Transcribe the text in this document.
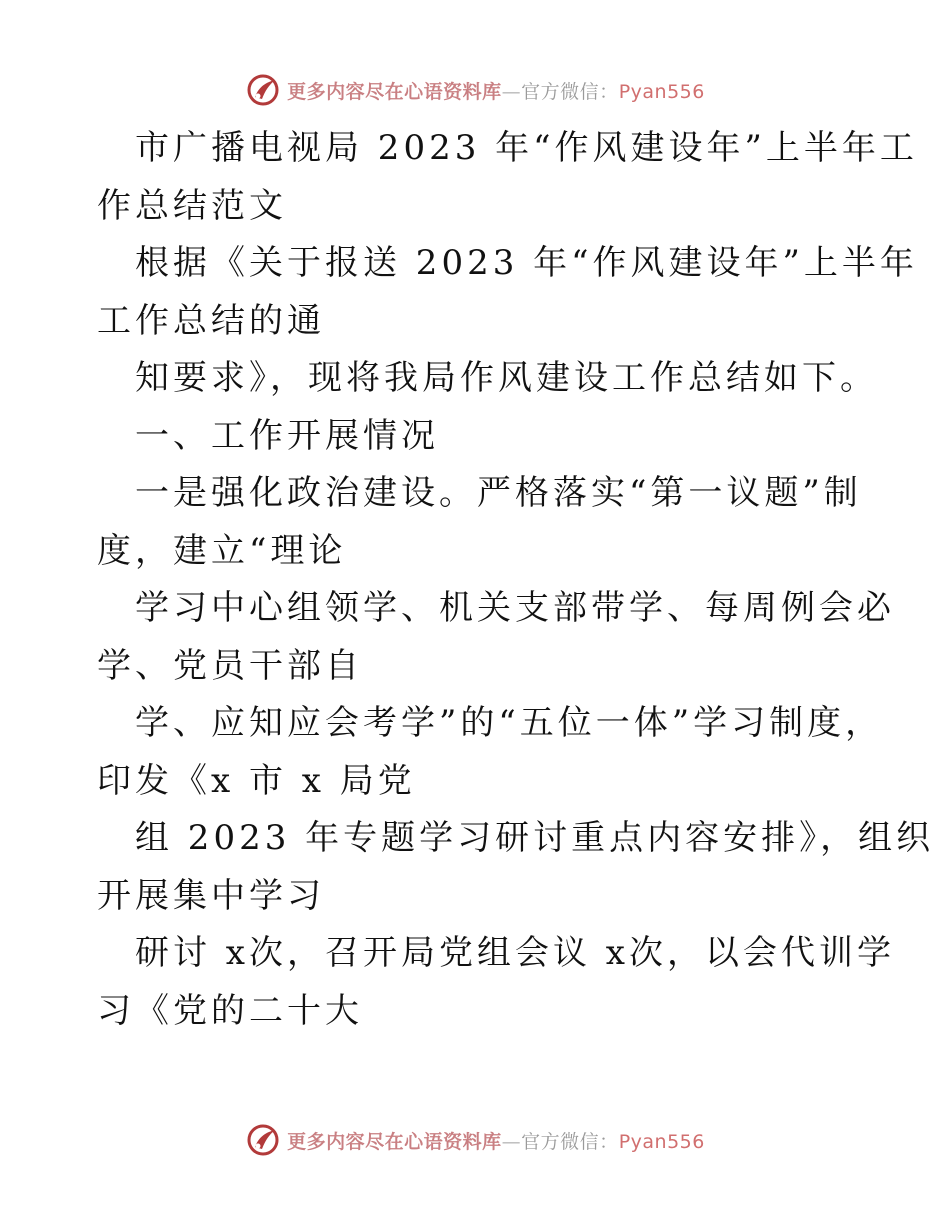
更多内容尽在心语资料库—官方微信：Pyan556
市广播电视局 2023 年“作风建设年”上半年工
作总结范文
根据《关于报送 2023 年“作风建设年”上半年
工作总结的通
知要求》，现将我局作风建设工作总结如下。
一、工作开展情况
一是强化政治建设。严格落实“第一议题”制
度，建立“理论
学习中心组领学、机关支部带学、每周例会必
学、党员干部自
学、应知应会考学”的“五位一体”学习制度，
印发《x 市 x 局党
组 2023 年专题学习研讨重点内容安排》，组织
开展集中学习
研讨 x次，召开局党组会议 x次，以会代训学
习《党的二十大
更多内容尽在心语资料库—官方微信：Pyan556
